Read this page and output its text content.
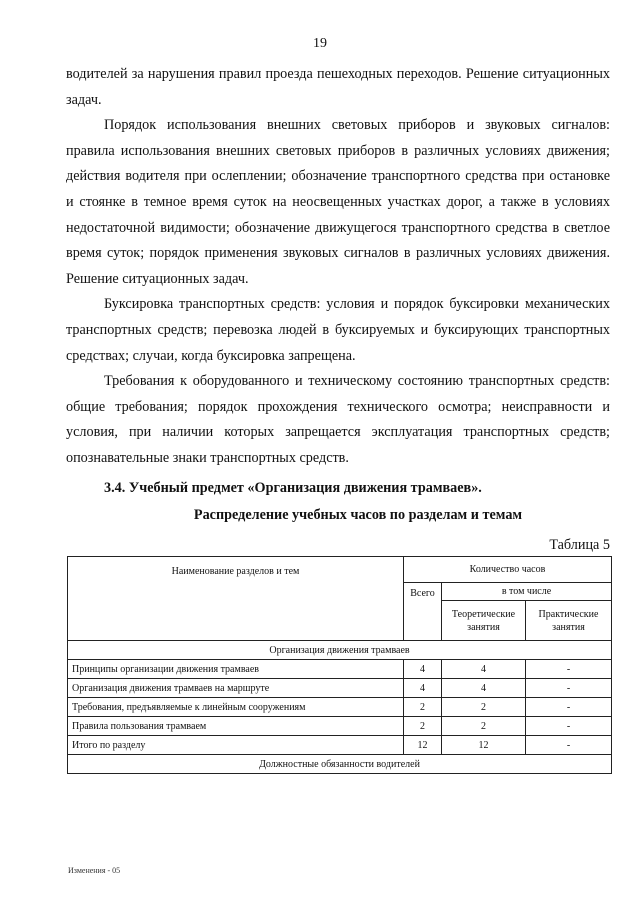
19

водителей за нарушения правил проезда пешеходных переходов. Решение ситуационных задач.

Порядок использования внешних световых приборов и звуковых сигналов: правила использования внешних световых приборов в различных условиях движения; действия водителя при ослеплении; обозначение транспортного средства при остановке и стоянке в темное время суток на неосвещенных участках дорог, а также в условиях недостаточной видимости; обозначение движущегося транспортного средства в светлое время суток; порядок применения звуковых сигналов в различных условиях движения. Решение ситуационных задач.

Буксировка транспортных средств: условия и порядок буксировки механических транспортных средств; перевозка людей в буксируемых и буксирующих транспортных средствах; случаи, когда буксировка запрещена.

Требования к оборудованного и техническому состоянию транспортных средств: общие требования; порядок прохождения технического осмотра; неисправности и условия, при наличии которых запрещается эксплуатация транспортных средств; опознавательные знаки транспортных средств.

3.4. Учебный предмет «Организация движения трамваев».

Распределение учебных часов по разделам и темам

Таблица 5

Наименование разделов и тем	Количество часов		
	Всего	в том числе	
		Теоретические занятия	Практические занятия
Организация движения трамваев			
Принципы организации движения трамваев	4	4	-
Организация движения трамваев на маршруте	4	4	-
Требования, предъявляемые к линейным сооружениям	2	2	-
Правила пользования трамваем	2	2	-
Итого по разделу	12	12	-
Должностные обязанности водителей			
Изменения - 05
